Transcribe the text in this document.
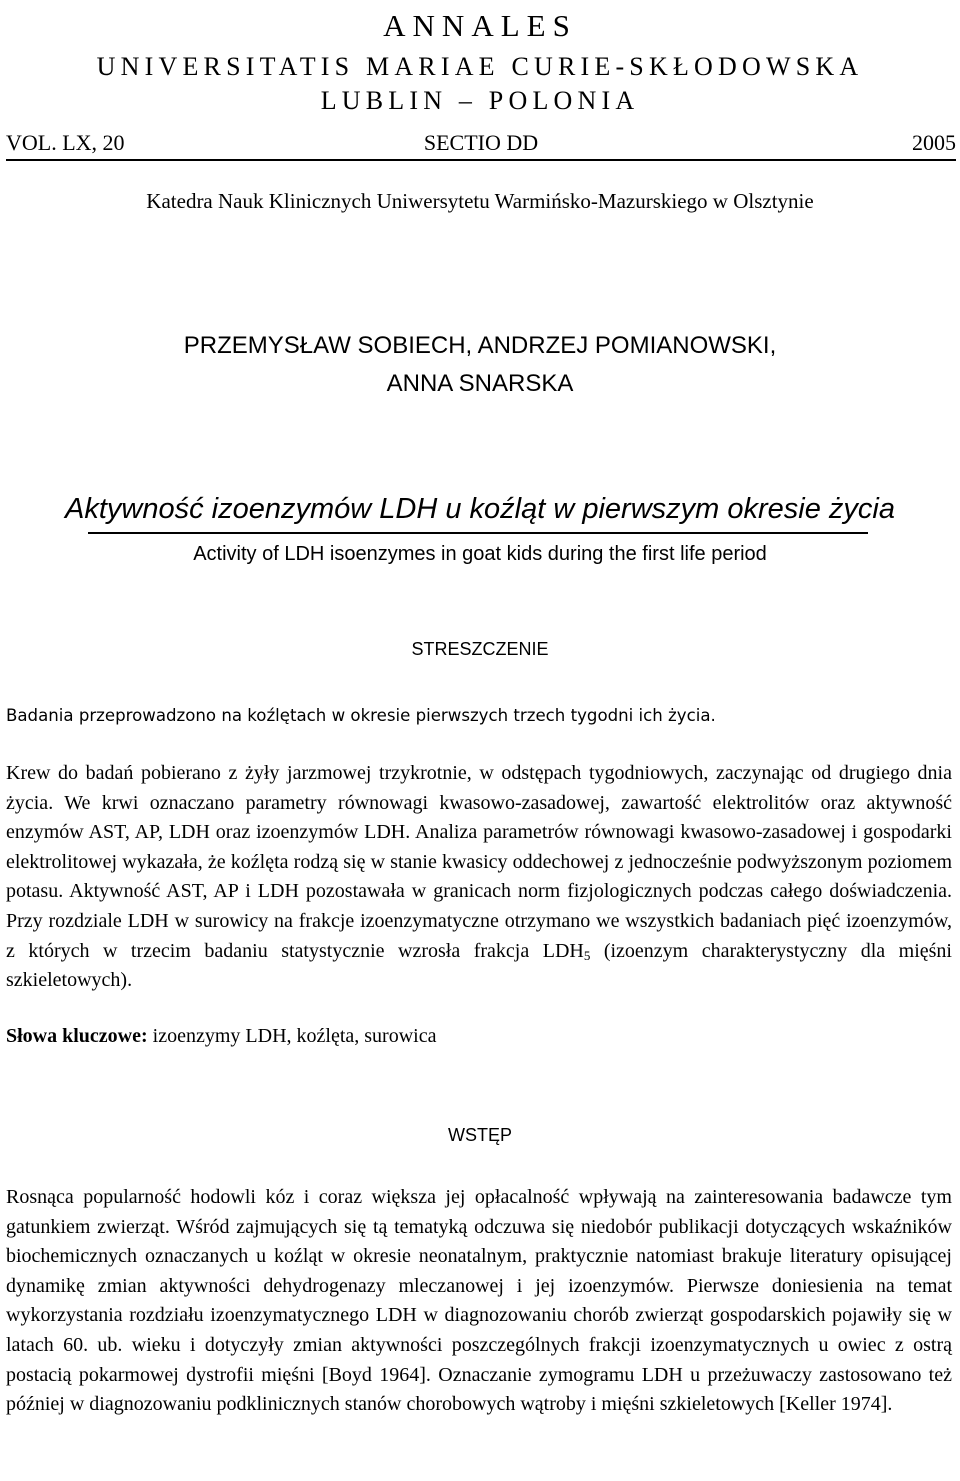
ANNALES
UNIVERSITATIS MARIAE CURIE-SKŁODOWSKA
LUBLIN – POLONIA
SECTIO DD
VOL. LX, 20	2005
Katedra Nauk Klinicznych Uniwersytetu Warmińsko-Mazurskiego w Olsztynie
PRZEMYSŁAW SOBIECH, ANDRZEJ POMIANOWSKI,
ANNA SNARSKA
Aktywność izoenzymów LDH u koźląt w pierwszym okresie życia
Activity of LDH isoenzymes in goat kids during the first life period
STRESZCZENIE
Badania przeprowadzono na koźlętach w okresie pierwszych trzech tygodni ich życia.

Krew do badań pobierano z żyły jarzmowej trzykrotnie, w odstępach tygodniowych, zaczynając od drugiego dnia życia. We krwi oznaczano parametry równowagi kwasowo-zasadowej, zawartość elektrolitów oraz aktywność enzymów AST, AP, LDH oraz izoenzymów LDH. Analiza parametrów równowagi kwasowo-zasadowej i gospodarki elektrolitowej wykazała, że koźlęta rodzą się w stanie kwasicy oddechowej z jednocześnie podwyższonym poziomem potasu. Aktywność AST, AP i LDH pozostawała w granicach norm fizjologicznych podczas całego doświadczenia. Przy rozdziale LDH w surowicy na frakcje izoenzymatyczne otrzymano we wszystkich badaniach pięć izoenzymów, z których w trzecim badaniu statystycznie wzrosła frakcja $LDH_5$ (izoenzym charakterystyczny dla mięśni szkieletowych).

Słowa kluczowe: izoenzymy LDH, koźlęta, surowica
WSTĘP

Rosnąca popularność hodowli kóz i coraz większa jej opłacalność wpływają na zainteresowania badawcze tym gatunkiem zwierząt. Wśród zajmujących się tą tematyką odczuwa się niedobór publikacji dotyczących wskaźników biochemicznych oznaczanych u koźląt w okresie neonatalnym, praktycznie natomiast brakuje literatury opisującej dynamikę zmian aktywności dehydrogenazy mleczanowej i jej izoenzymów. Pierwsze doniesienia na temat wykorzystania rozdziału izoenzymatycznego LDH w diagnozowaniu chorób zwierząt gospodarskich pojawiły się w latach 60. ub. wieku i dotyczyły zmian aktywności poszczególnych frakcji izoenzymatycznych u owiec z ostrą postacią pokarmowej dystrofii mięśni [Boyd 1964]. Oznaczanie zymogramu LDH u przeżuwaczy zastosowano też później w diagnozowaniu podklinicznych stanów chorobowych wątroby i mięśni szkieletowych [Keller 1974].
